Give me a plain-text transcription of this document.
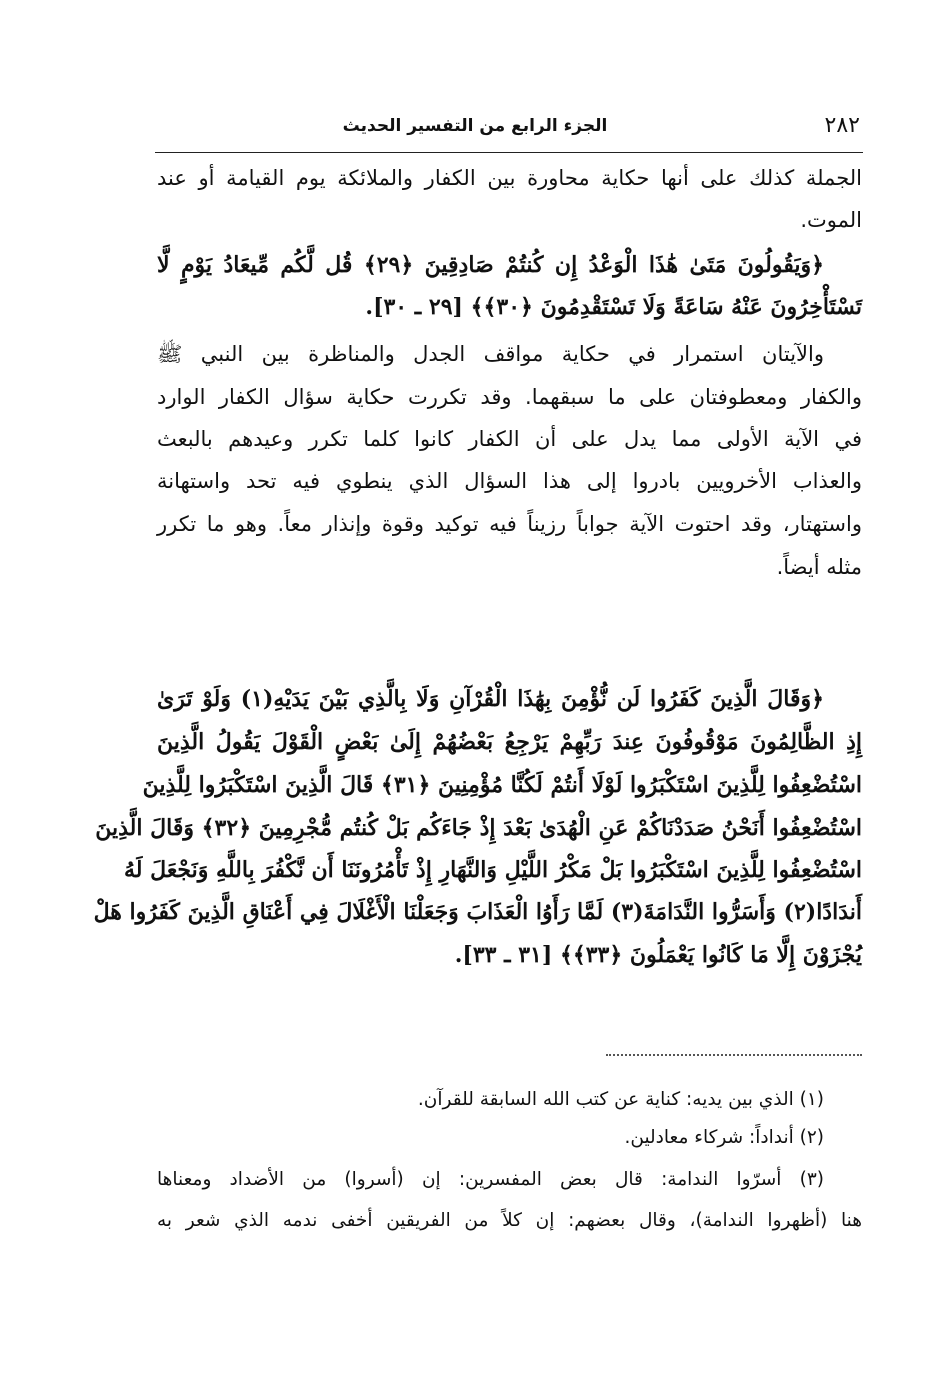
الجزء الرابع من التفسير الحديث	٢٨٢
الجملة كذلك على أنها حكاية محاورة بين الكفار والملائكة يوم القيامة أو عند
الموت.
﴿وَيَقُولُونَ مَتَىٰ هَٰذَا الْوَعْدُ إِن كُنتُمْ صَادِقِينَ ﴿٢٩﴾ قُل لَّكُم مِّيعَادُ يَوْمٍ لَّا
تَسْتَأْخِرُونَ عَنْهُ سَاعَةً وَلَا تَسْتَقْدِمُونَ ﴿٣٠﴾﴾ [٢٩ ـ ٣٠].
والآيتان استمرار في حكاية مواقف الجدل والمناظرة بين النبي ﷺ
والكفار ومعطوفتان على ما سبقهما. وقد تكررت حكاية سؤال الكفار الوارد
في الآية الأولى مما يدل على أن الكفار كانوا كلما تكرر وعيدهم بالبعث
والعذاب الأخرويين بادروا إلى هذا السؤال الذي ينطوي فيه تحد واستهانة
واستهتار، وقد احتوت الآية جواباً رزيناً فيه توكيد وقوة وإنذار معاً. وهو ما تكرر
مثله أيضاً.
﴿وَقَالَ الَّذِينَ كَفَرُوا لَن نُّؤْمِنَ بِهَٰذَا الْقُرْآنِ وَلَا بِالَّذِي بَيْنَ يَدَيْهِ(١) وَلَوْ تَرَىٰ
إِذِ الظَّالِمُونَ مَوْقُوفُونَ عِندَ رَبِّهِمْ يَرْجِعُ بَعْضُهُمْ إِلَىٰ بَعْضٍ الْقَوْلَ يَقُولُ الَّذِينَ
اسْتُضْعِفُوا لِلَّذِينَ اسْتَكْبَرُوا لَوْلَا أَنتُمْ لَكُنَّا مُؤْمِنِينَ ﴿٣١﴾ قَالَ الَّذِينَ اسْتَكْبَرُوا لِلَّذِينَ
اسْتُضْعِفُوا أَنَحْنُ صَدَدْنَاكُمْ عَنِ الْهُدَىٰ بَعْدَ إِذْ جَاءَكُم بَلْ كُنتُم مُّجْرِمِينَ ﴿٣٢﴾ وَقَالَ الَّذِينَ
اسْتُضْعِفُوا لِلَّذِينَ اسْتَكْبَرُوا بَلْ مَكْرُ اللَّيْلِ وَالنَّهَارِ إِذْ تَأْمُرُونَنَا أَن نَّكْفُرَ بِاللَّهِ وَنَجْعَلَ لَهُ
أَندَادًا(٢) وَأَسَرُّوا النَّدَامَةَ(٣) لَمَّا رَأَوُا الْعَذَابَ وَجَعَلْنَا الْأَغْلَالَ فِي أَعْنَاقِ الَّذِينَ كَفَرُوا هَلْ
يُجْزَوْنَ إِلَّا مَا كَانُوا يَعْمَلُونَ ﴿٣٣﴾﴾ [٣١ ـ ٣٣].
(١) الذي بين يديه: كناية عن كتب الله السابقة للقرآن.
(٢) أنداداً: شركاء معادلين.
(٣) أسرّوا الندامة: قال بعض المفسرين: إن (أسروا) من الأضداد ومعناها
هنا (أظهروا الندامة)، وقال بعضهم: إن كلاً من الفريقين أخفى ندمه الذي شعر به
